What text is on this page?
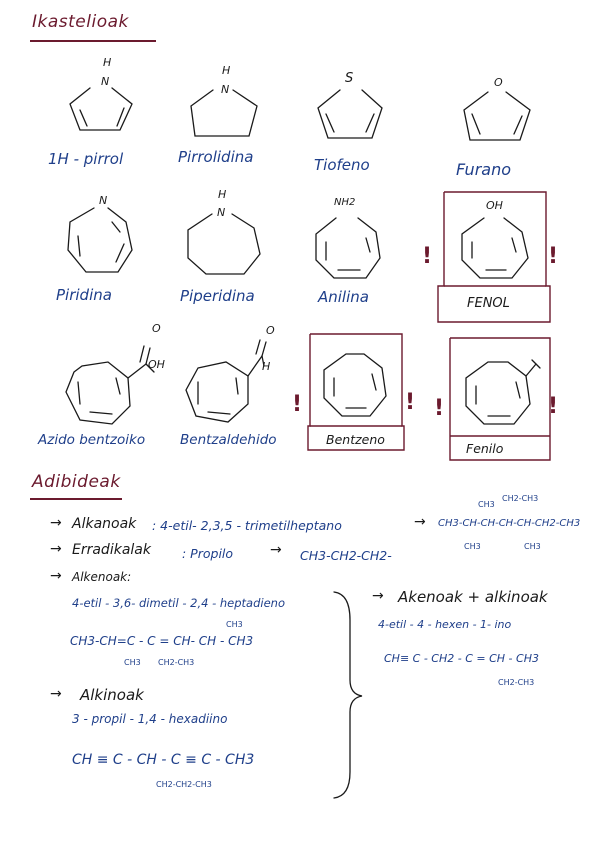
Ikastelioak
H
N
1H - pirrol
H
N
Pirrolidina
S
Tiofeno
O
Furano
N
Piridina
H
N
Piperidina
NH2
Anilina
!	!
OH
FENOL
O
OH
Azido bentzoiko
O
H
Bentzaldehido
!	!
Bentzeno
!	!
Fenilo
Adibideak
→ Alkanoak : 4-etil- 2,3,5 - trimetilheptano	→
CH3
CH2-CH3
CH3-CH-CH-CH-CH-CH2-CH3
CH3	CH3
→ Erradikalak : Propilo	→ CH3-CH2-CH2-
→ Alkenoak:
4-etil - 3,6- dimetil - 2,4 - heptadieno
CH3
CH3-CH=C - C = CH- CH - CH3
CH3 CH2-CH3
→ Alkinoak
3 - propil - 1,4 - hexadiino
CH ≡ C - CH - C ≡ C - CH3
CH2-CH2-CH3
→ Akenoak + alkinoak
4-etil - 4 - hexen - 1- ino
CH≡ C - CH2 - C = CH - CH3
CH2-CH3
